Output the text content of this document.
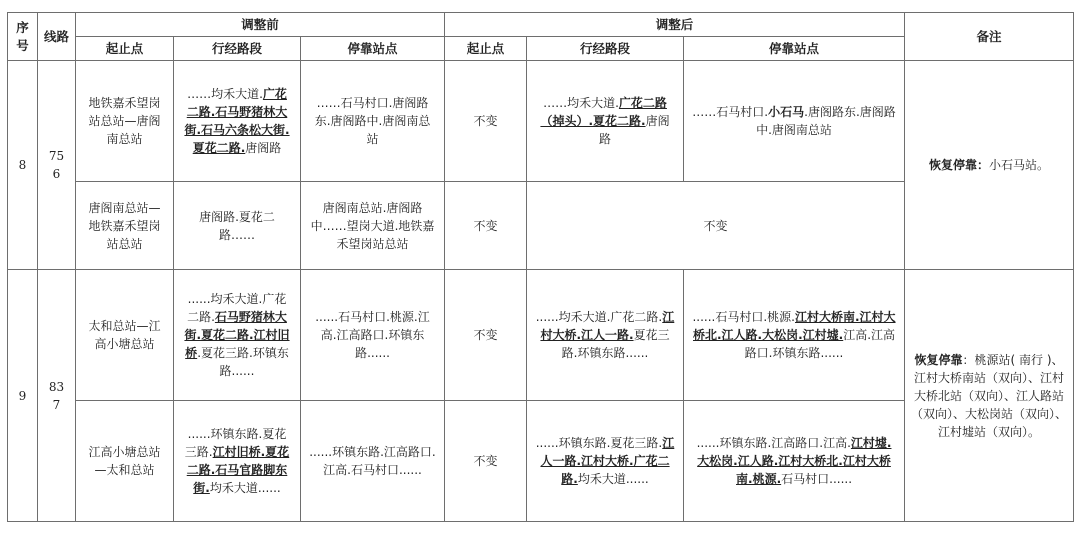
序号	线路	调整前			调整后			备注
		起止点	行经路段	停靠站点	起止点	行经路段	停靠站点	
8	756	地铁嘉禾望岗站总站—唐阁南总站	……均禾大道.广花二路.石马野猪林大街.石马六条松大街.夏花二路.唐阁路	……石马村口.唐阁路东.唐阁路中.唐阁南总站	不变	……均禾大道.广花二路（掉头）.夏花二路.唐阁路	……石马村口.小石马.唐阁路东.唐阁路中.唐阁南总站	恢复停靠：小石马站。
		唐阁南总站—地铁嘉禾望岗站总站	唐阁路.夏花二路……	唐阁南总站.唐阁路中……望岗大道.地铁嘉禾望岗站总站	不变	不变		
9	837	太和总站—江高小塘总站	......均禾大道.广花二路.石马野猪林大街.夏花二路.江村旧桥.夏花三路.环镇东路......	......石马村口.桃源.江高.江高路口.环镇东路......	不变	......均禾大道.广花二路.江村大桥.江人一路.夏花三路.环镇东路......	......石马村口.桃源.江村大桥南.江村大桥北.江人路.大松岗.江村墟.江高.江高路口.环镇东路......	恢复停靠：桃源站( 南行 )、江村大桥南站（双向）、江村大桥北站（双向）、江人路站（双向）、大松岗站（双向）、江村墟站（双向）。
		江高小塘总站—太和总站	......环镇东路.夏花三路.江村旧桥.夏花二路.石马官路脚东街.均禾大道......	......环镇东路.江高路口.江高.石马村口......	不变	......环镇东路.夏花三路.江人一路.江村大桥.广花二路.均禾大道......	......环镇东路.江高路口.江高.江村墟.大松岗.江人路.江村大桥北.江村大桥南.桃源.石马村口......	
